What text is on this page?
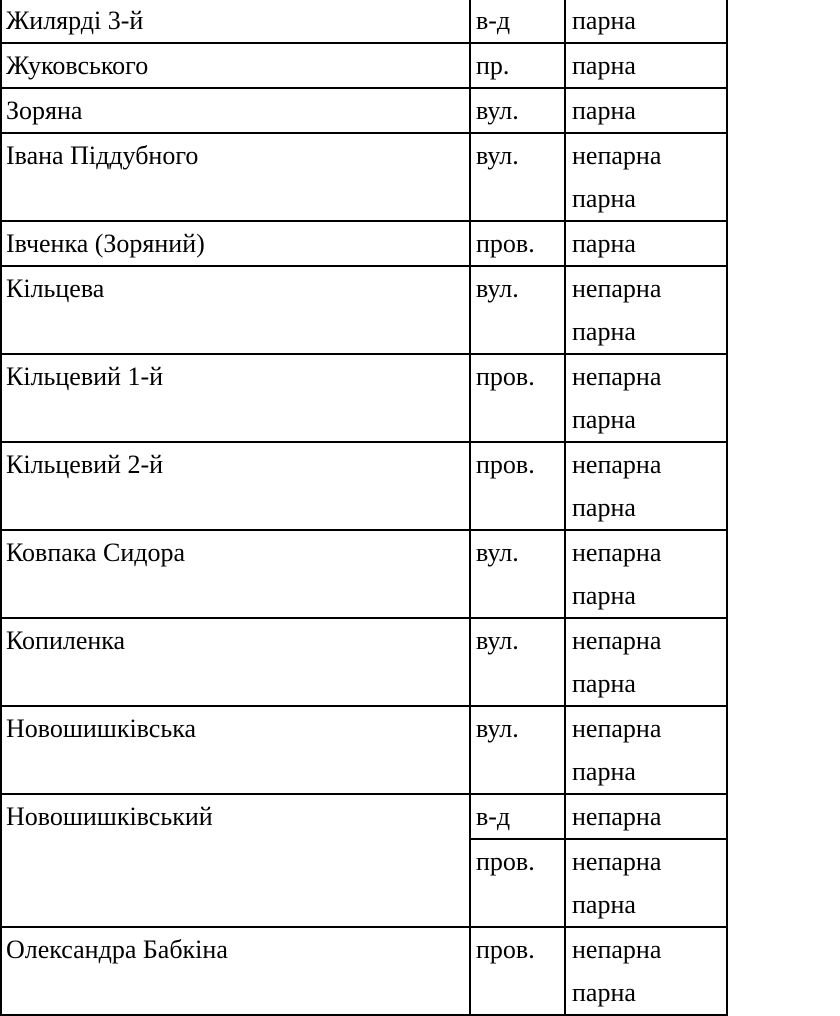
Жилярді 3-й	в-д	парна

Жуковського	пр.	парна

Зоряна	вул.	парна

Івана Піддубного	вул.	непарна
парна

Івченка (Зоряний)	пров.	парна

Кільцева	вул.	непарна
парна

Кільцевий 1-й	пров.	непарна
парна

Кільцевий 2-й	пров.	непарна
парна

Ковпака Сидора	вул.	непарна
парна

Копиленка	вул.	непарна
парна

Новошишківська	вул.	непарна
парна

Новошишківський	в-д	непарна

	пров.	непарна
парна

Олександра Бабкіна	пров.	непарна
парна
